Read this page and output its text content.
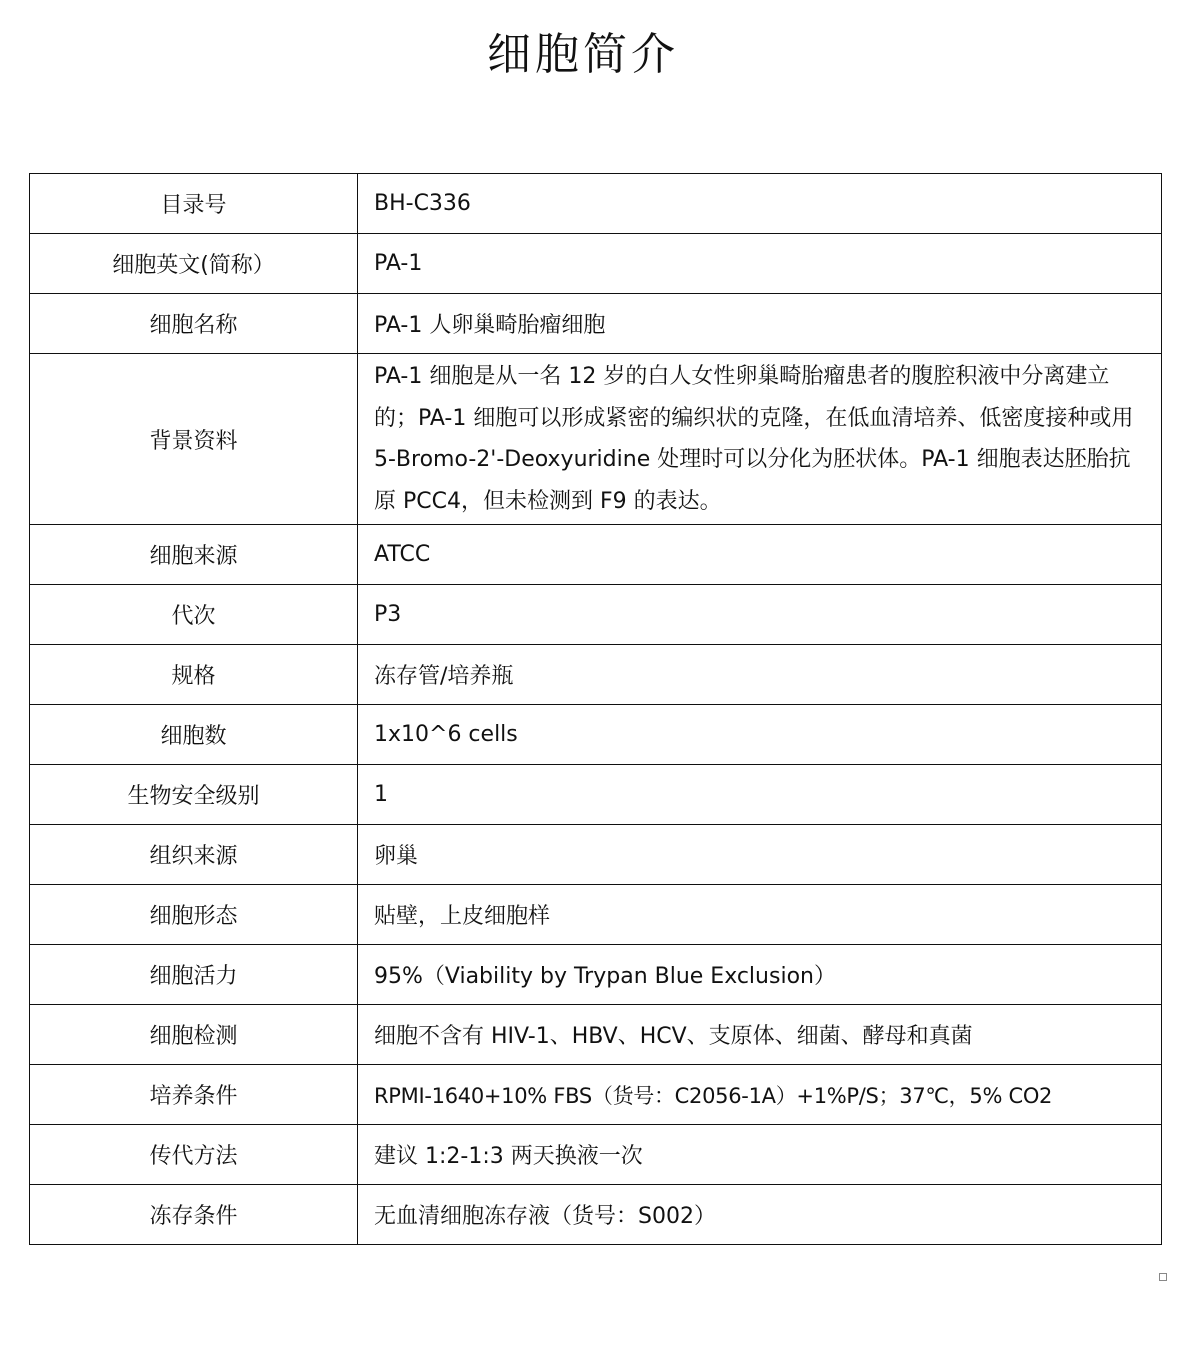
细胞简介
目录号	BH-C336
细胞英文(简称）	PA-1
细胞名称	PA-1 人卵巢畸胎瘤细胞
背景资料	PA-1 细胞是从一名 12 岁的白人女性卵巢畸胎瘤患者的腹腔积液中分离建立的；PA-1 细胞可以形成紧密的编织状的克隆，在低血清培养、低密度接种或用 5-Bromo-2'-Deoxyuridine 处理时可以分化为胚状体。PA-1 细胞表达胚胎抗原 PCC4，但未检测到 F9 的表达。
细胞来源	ATCC
代次	P3
规格	冻存管/培养瓶
细胞数	1x10^6 cells
生物安全级别	1
组织来源	卵巢
细胞形态	贴壁，上皮细胞样
细胞活力	95%（Viability by Trypan Blue Exclusion）
细胞检测	细胞不含有 HIV-1、HBV、HCV、支原体、细菌、酵母和真菌
培养条件	RPMI-1640+10% FBS（货号：C2056-1A）+1%P/S；37℃，5% CO2
传代方法	建议 1:2-1:3 两天换液一次
冻存条件	无血清细胞冻存液（货号：S002）
